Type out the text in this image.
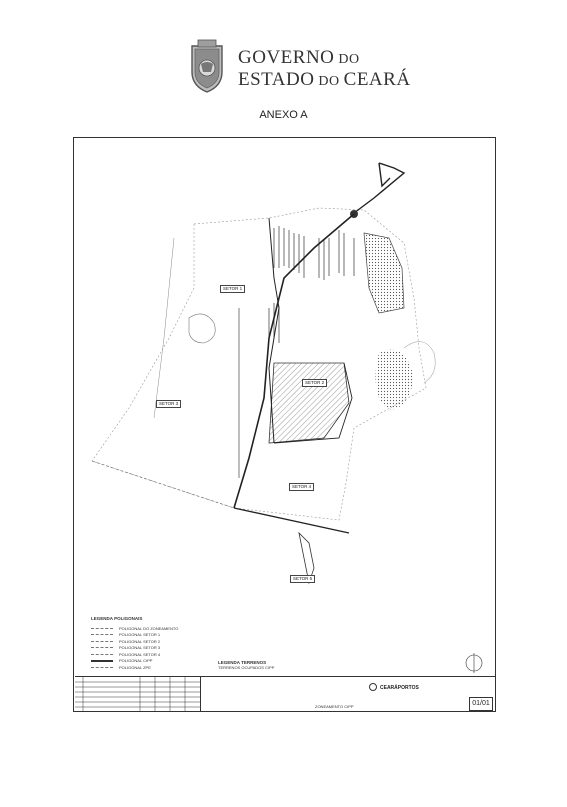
GOVERNO DO
ESTADO DO CEARÁ
ANEXO A
SETOR 1
SETOR 2
SETOR 3
SETOR 4
SETOR 5
LEGENDA POLIGONAIS
POLIGONAL DO ZONEAMENTO
POLIGONAL SETOR 1
POLIGONAL SETOR 2
POLIGONAL SETOR 3
POLIGONAL SETOR 4
POLIGONAL CIPP
POLIGONAL ZPE
LEGENDA TERRENOS
TERRENOS OCUPADOS CIPP
CEARÁPORTOS
ZONEAMENTO CIPP	01/01
